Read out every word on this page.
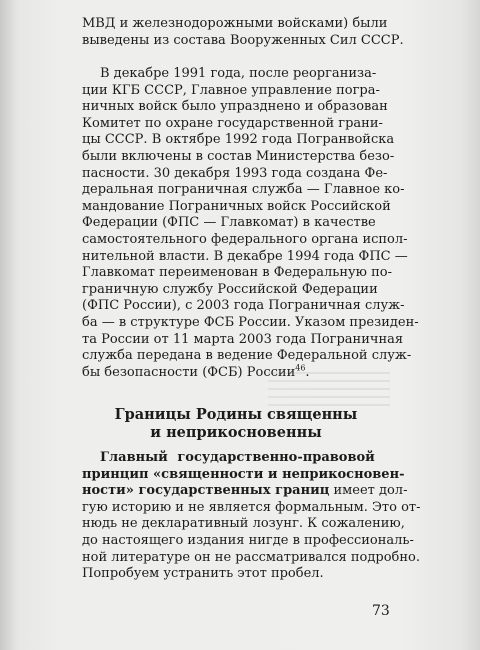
МВД и железнодорожными войсками) были
выведены из состава Вооруженных Сил СССР.
В декабре 1991 года, после реорганиза-
ции КГБ СССР, Главное управление погра-
ничных войск было упразднено и образован
Комитет по охране государственной грани-
цы СССР. В октябре 1992 года Погранвойска
были включены в состав Министерства безо-
пасности. 30 декабря 1993 года создана Фе-
деральная пограничная служба — Главное ко-
мандование Пограничных войск Российской
Федерации (ФПС — Главкомат) в качестве
самостоятельного федерального органа испол-
нительной власти. В декабре 1994 года ФПС —
Главкомат переименован в Федеральную по-
граничную службу Российской Федерации
(ФПС России), с 2003 года Пограничная служ-
ба — в структуре ФСБ России. Указом президен-
та России от 11 марта 2003 года Пограничная
служба передана в ведение Федеральной служ-
бы безопасности (ФСБ) России$^{46}$.
Границы Родины священны
и неприкосновенны
Главный государственно-правовой
принцип «священности и неприкосновен-
ности» государственных границ имеет дол-
гую историю и не является формальным. Это от-
нюдь не декларативный лозунг. К сожалению,
до настоящего издания нигде в профессиональ-
ной литературе он не рассматривался подробно.
Попробуем устранить этот пробел.
73
